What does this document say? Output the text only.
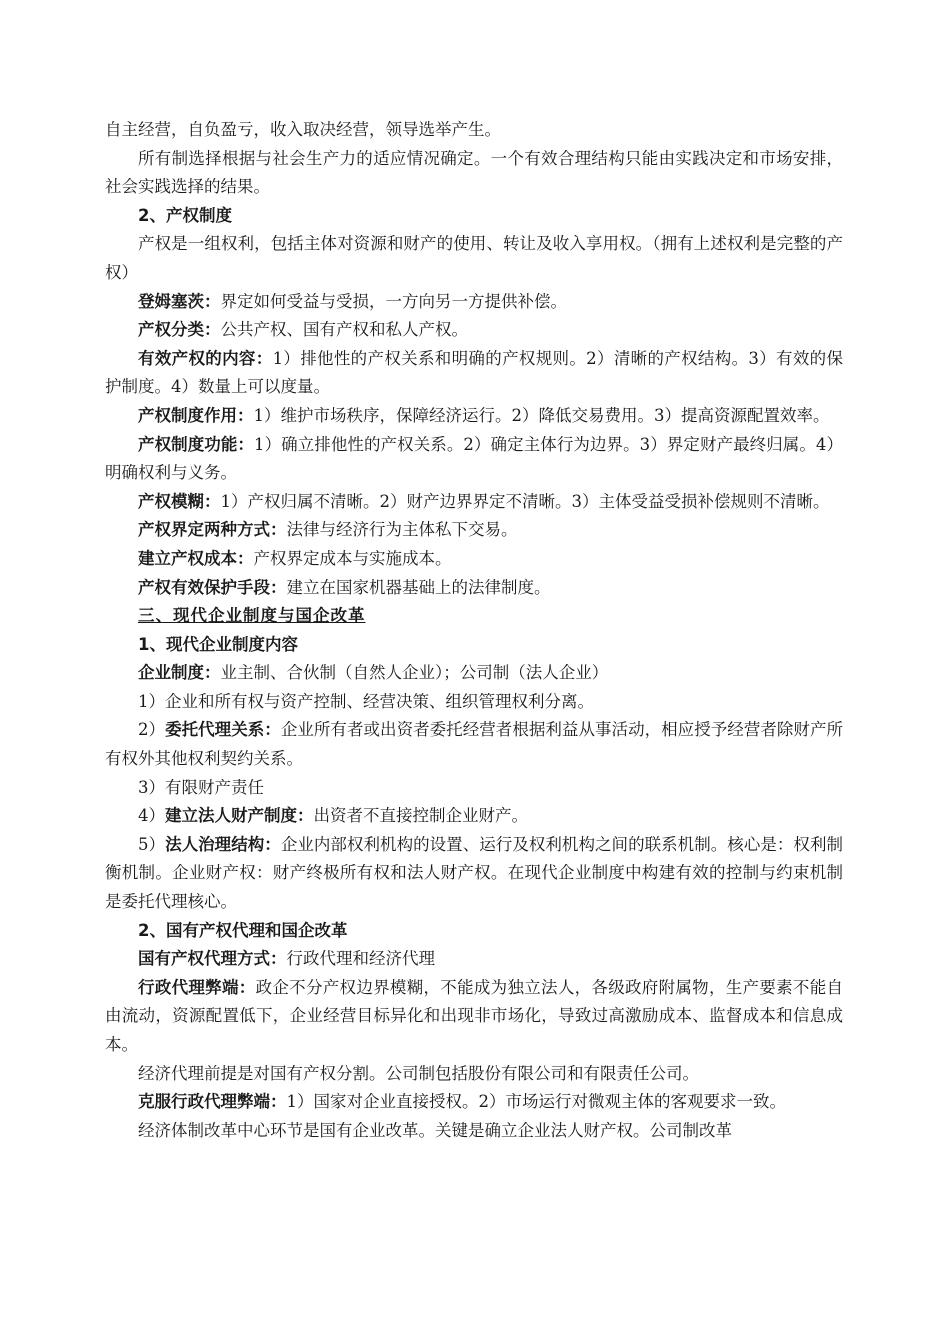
自主经营，自负盈亏，收入取决经营，领导选举产生。

所有制选择根据与社会生产力的适应情况确定。一个有效合理结构只能由实践决定和市场安排，社会实践选择的结果。

2、产权制度

产权是一组权利，包括主体对资源和财产的使用、转让及收入享用权。（拥有上述权利是完整的产权）

登姆塞茨：界定如何受益与受损，一方向另一方提供补偿。

产权分类：公共产权、国有产权和私人产权。

有效产权的内容：1）排他性的产权关系和明确的产权规则。2）清晰的产权结构。3）有效的保护制度。4）数量上可以度量。

产权制度作用：1）维护市场秩序，保障经济运行。2）降低交易费用。3）提高资源配置效率。

产权制度功能：1）确立排他性的产权关系。2）确定主体行为边界。3）界定财产最终归属。4）明确权利与义务。

产权模糊：1）产权归属不清晰。2）财产边界界定不清晰。3）主体受益受损补偿规则不清晰。

产权界定两种方式：法律与经济行为主体私下交易。

建立产权成本：产权界定成本与实施成本。

产权有效保护手段：建立在国家机器基础上的法律制度。

三、现代企业制度与国企改革

1、现代企业制度内容

企业制度：业主制、合伙制（自然人企业）；公司制（法人企业）

1）企业和所有权与资产控制、经营决策、组织管理权利分离。

2）委托代理关系：企业所有者或出资者委托经营者根据利益从事活动，相应授予经营者除财产所有权外其他权利契约关系。

3）有限财产责任

4）建立法人财产制度：出资者不直接控制企业财产。

5）法人治理结构：企业内部权利机构的设置、运行及权利机构之间的联系机制。核心是：权利制衡机制。企业财产权：财产终极所有权和法人财产权。在现代企业制度中构建有效的控制与约束机制是委托代理核心。

2、国有产权代理和国企改革

国有产权代理方式：行政代理和经济代理

行政代理弊端：政企不分产权边界模糊，不能成为独立法人，各级政府附属物，生产要素不能自由流动，资源配置低下，企业经营目标异化和出现非市场化，导致过高激励成本、监督成本和信息成本。

经济代理前提是对国有产权分割。公司制包括股份有限公司和有限责任公司。

克服行政代理弊端：1）国家对企业直接授权。2）市场运行对微观主体的客观要求一致。

经济体制改革中心环节是国有企业改革。关键是确立企业法人财产权。公司制改革
